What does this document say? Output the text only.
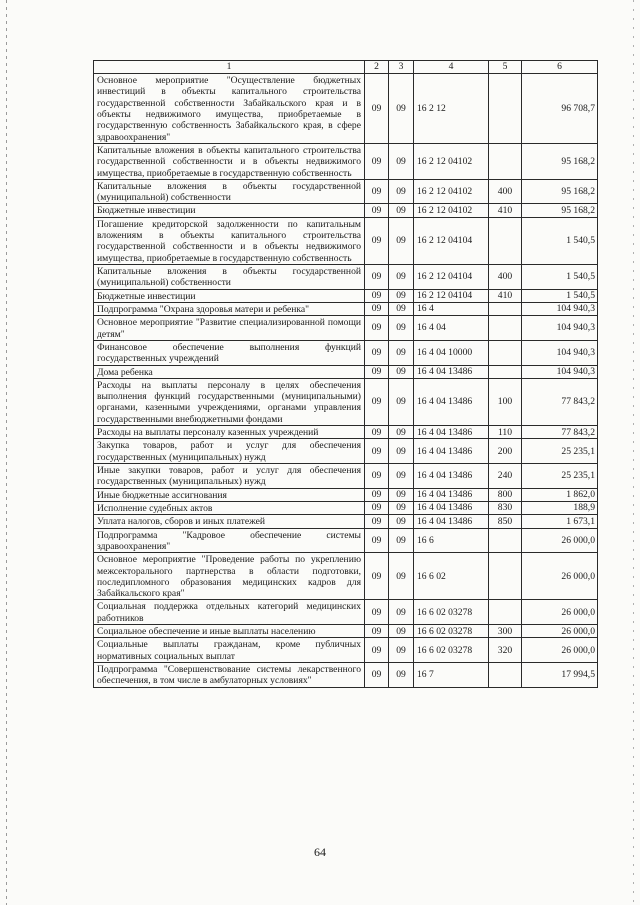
1	2	3	4	5	6
Основное мероприятие "Осуществление бюджетных инвестиций в объекты капитального строительства государственной собственности Забайкальского края и в объекты недвижимого имущества, приобретаемые в государственную собственность Забайкальского края, в сфере здравоохранения"	09	09	16 2 12		96 708,7
Капитальные вложения в объекты капитального строительства государственной собственности и в объекты недвижимого имущества, приобретаемые в государственную собственность	09	09	16 2 12 04102		95 168,2
Капитальные вложения в объекты государственной (муниципальной) собственности	09	09	16 2 12 04102	400	95 168,2
Бюджетные инвестиции	09	09	16 2 12 04102	410	95 168,2
Погашение кредиторской задолженности по капитальным вложениям в объекты капитального строительства государственной собственности и в объекты недвижимого имущества, приобретаемые в государственную собственность	09	09	16 2 12 04104		1 540,5
Капитальные вложения в объекты государственной (муниципальной) собственности	09	09	16 2 12 04104	400	1 540,5
Бюджетные инвестиции	09	09	16 2 12 04104	410	1 540,5
Подпрограмма "Охрана здоровья матери и ребенка"	09	09	16 4		104 940,3
Основное мероприятие "Развитие специализированной помощи детям"	09	09	16 4 04		104 940,3
Финансовое обеспечение выполнения функций государственных учреждений	09	09	16 4 04 10000		104 940,3
Дома ребенка	09	09	16 4 04 13486		104 940,3
Расходы на выплаты персоналу в целях обеспечения выполнения функций государственными (муниципальными) органами, казенными учреждениями, органами управления государственными внебюджетными фондами	09	09	16 4 04 13486	100	77 843,2
Расходы на выплаты персоналу казенных учреждений	09	09	16 4 04 13486	110	77 843,2
Закупка товаров, работ и услуг для обеспечения государственных (муниципальных) нужд	09	09	16 4 04 13486	200	25 235,1
Иные закупки товаров, работ и услуг для обеспечения государственных (муниципальных) нужд	09	09	16 4 04 13486	240	25 235,1
Иные бюджетные ассигнования	09	09	16 4 04 13486	800	1 862,0
Исполнение судебных актов	09	09	16 4 04 13486	830	188,9
Уплата налогов, сборов и иных платежей	09	09	16 4 04 13486	850	1 673,1
Подпрограмма "Кадровое обеспечение системы здравоохранения"	09	09	16 6		26 000,0
Основное мероприятие "Проведение работы по укреплению межсекторального партнерства в области подготовки, последипломного образования медицинских кадров для Забайкальского края"	09	09	16 6 02		26 000,0
Социальная поддержка отдельных категорий медицинских работников	09	09	16 6 02 03278		26 000,0
Социальное обеспечение и иные выплаты населению	09	09	16 6 02 03278	300	26 000,0
Социальные выплаты гражданам, кроме публичных нормативных социальных выплат	09	09	16 6 02 03278	320	26 000,0
Подпрограмма "Совершенствование системы лекарственного обеспечения, в том числе в амбулаторных условиях"	09	09	16 7		17 994,5
64
